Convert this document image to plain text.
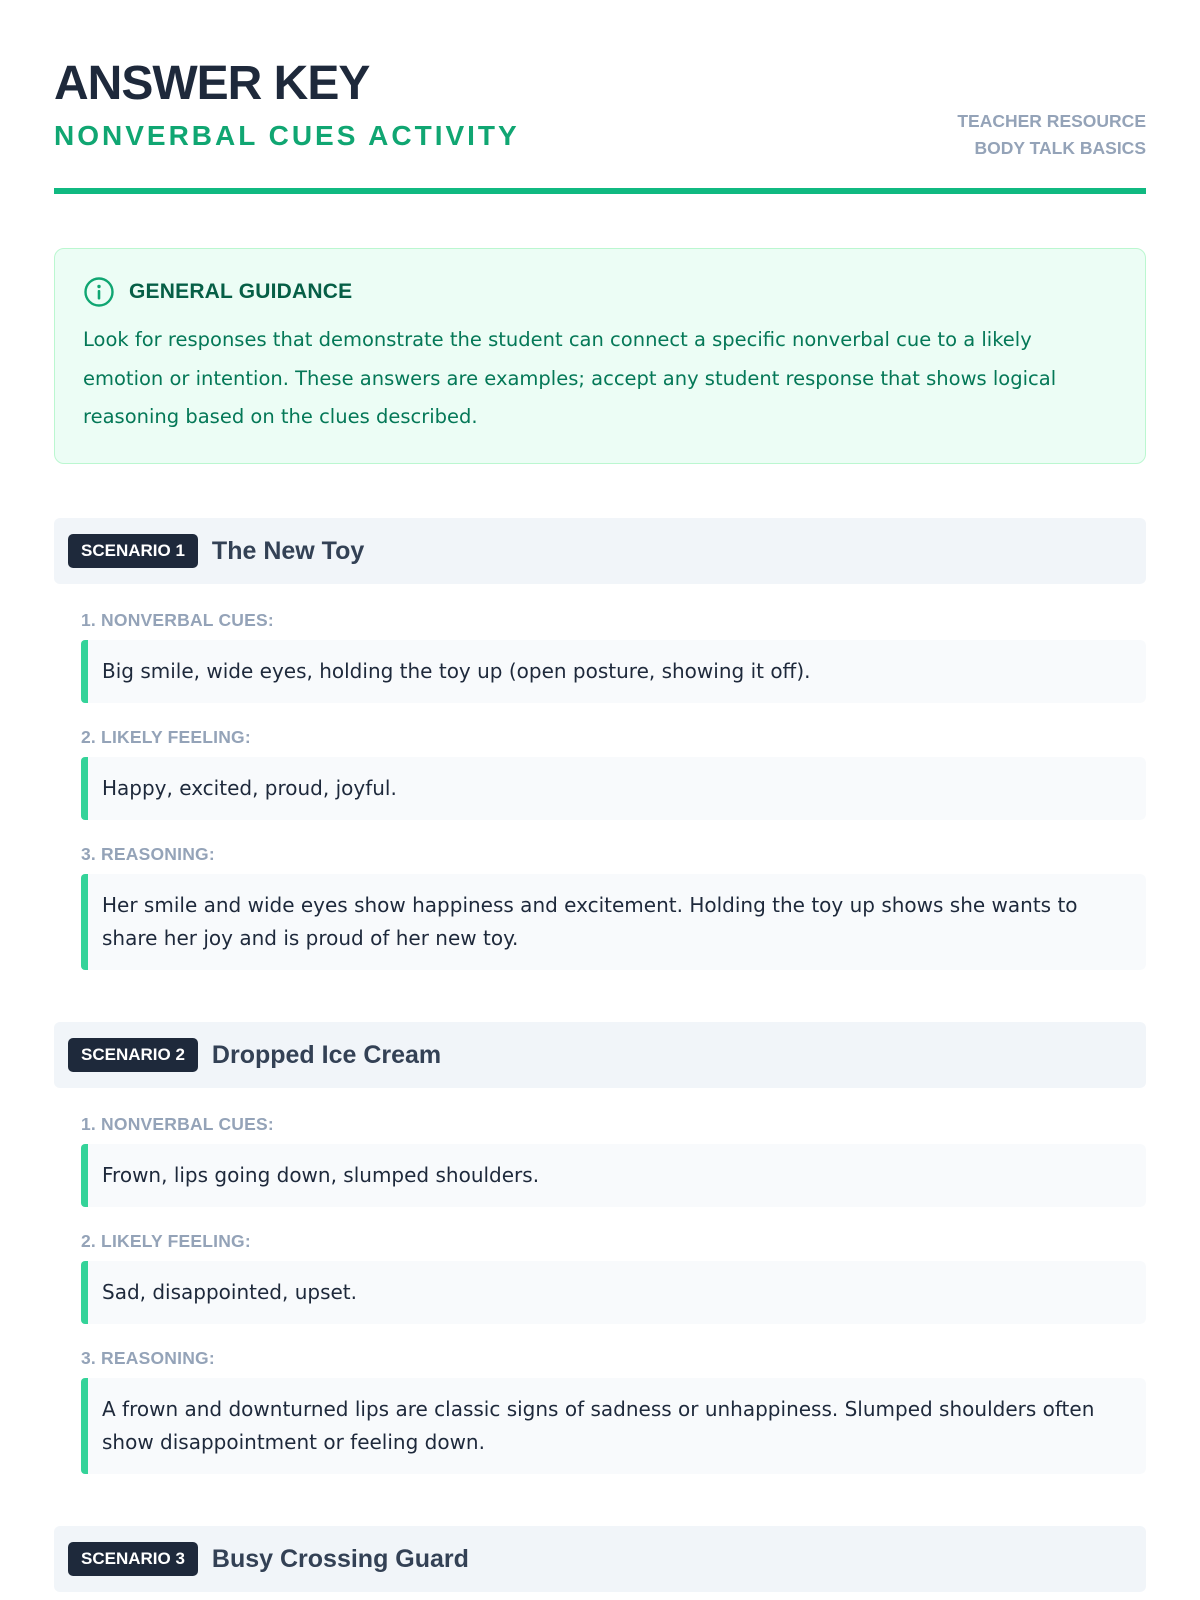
ANSWER KEY
NONVERBAL CUES ACTIVITY	TEACHER RESOURCE
BODY TALK BASICS
GENERAL GUIDANCE

Look for responses that demonstrate the student can connect a specific nonverbal cue to a likely emotion or intention. These answers are examples; accept any student response that shows logical reasoning based on the clues described.

SCENARIO 1	The New Toy
1. NONVERBAL CUES:
Big smile, wide eyes, holding the toy up (open posture, showing it off).
2. LIKELY FEELING:
Happy, excited, proud, joyful.
3. REASONING:
Her smile and wide eyes show happiness and excitement. Holding the toy up shows she wants to share her joy and is proud of her new toy.
SCENARIO 2	Dropped Ice Cream
1. NONVERBAL CUES:
Frown, lips going down, slumped shoulders.
2. LIKELY FEELING:
Sad, disappointed, upset.
3. REASONING:
A frown and downturned lips are classic signs of sadness or unhappiness. Slumped shoulders often show disappointment or feeling down.
SCENARIO 3	Busy Crossing Guard
